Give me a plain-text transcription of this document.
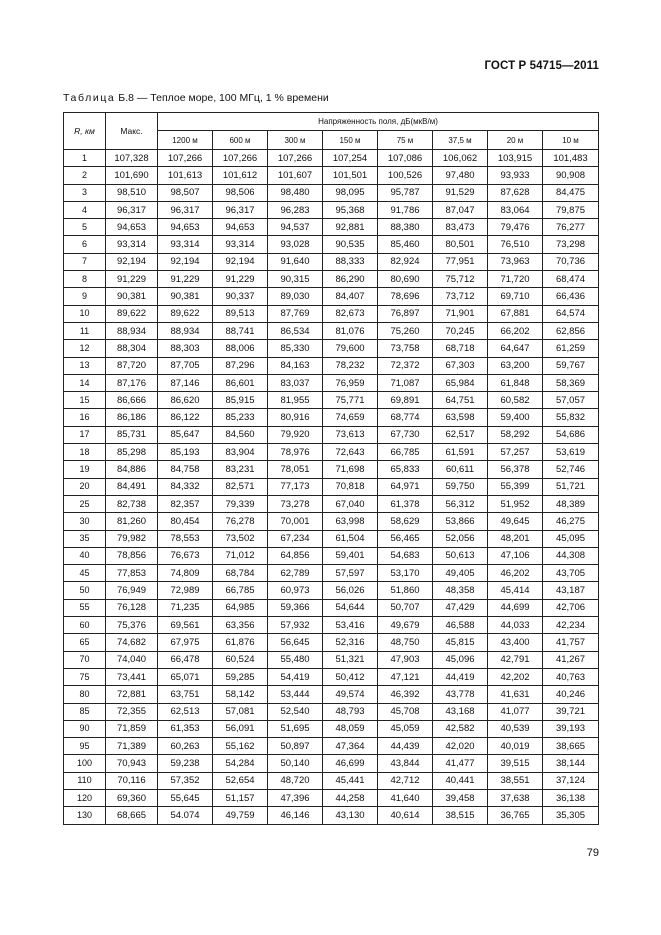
ГОСТ Р 54715—2011
Таблица Б.8 — Теплое море, 100 МГц, 1 % времени
R, км	Макс.	Напряженность поля, дБ(мкВ/м)							
		1200 м	600 м	300 м	150 м	75 м	37,5 м	20 м	10 м
1	107,328	107,266	107,266	107,266	107,254	107,086	106,062	103,915	101,483
2	101,690	101,613	101,612	101,607	101,501	100,526	97,480	93,933	90,908
3	98,510	98,507	98,506	98,480	98,095	95,787	91,529	87,628	84,475
4	96,317	96,317	96,317	96,283	95,368	91,786	87,047	83,064	79,875
5	94,653	94,653	94,653	94,537	92,881	88,380	83,473	79,476	76,277
6	93,314	93,314	93,314	93,028	90,535	85,460	80,501	76,510	73,298
7	92,194	92,194	92,194	91,640	88,333	82,924	77,951	73,963	70,736
8	91,229	91,229	91,229	90,315	86,290	80,690	75,712	71,720	68,474
9	90,381	90,381	90,337	89,030	84,407	78,696	73,712	69,710	66,436
10	89,622	89,622	89,513	87,769	82,673	76,897	71,901	67,881	64,574
11	88,934	88,934	88,741	86,534	81,076	75,260	70,245	66,202	62,856
12	88,304	88,303	88,006	85,330	79,600	73,758	68,718	64,647	61,259
13	87,720	87,705	87,296	84,163	78,232	72,372	67,303	63,200	59,767
14	87,176	87,146	86,601	83,037	76,959	71,087	65,984	61,848	58,369
15	86,666	86,620	85,915	81,955	75,771	69,891	64,751	60,582	57,057
16	86,186	86,122	85,233	80,916	74,659	68,774	63,598	59,400	55,832
17	85,731	85,647	84,560	79,920	73,613	67,730	62,517	58,292	54,686
18	85,298	85,193	83,904	78,976	72,643	66,785	61,591	57,257	53,619
19	84,886	84,758	83,231	78,051	71,698	65,833	60,611	56,378	52,746
20	84,491	84,332	82,571	77,173	70,818	64,971	59,750	55,399	51,721
25	82,738	82,357	79,339	73,278	67,040	61,378	56,312	51,952	48,389
30	81,260	80,454	76,278	70,001	63,998	58,629	53,866	49,645	46,275
35	79,982	78,553	73,502	67,234	61,504	56,465	52,056	48,201	45,095
40	78,856	76,673	71,012	64,856	59,401	54,683	50,613	47,106	44,308
45	77,853	74,809	68,784	62,789	57,597	53,170	49,405	46,202	43,705
50	76,949	72,989	66,785	60,973	56,026	51,860	48,358	45,414	43,187
55	76,128	71,235	64,985	59,366	54,644	50,707	47,429	44,699	42,706
60	75,376	69,561	63,356	57,932	53,416	49,679	46,588	44,033	42,234
65	74,682	67,975	61,876	56,645	52,316	48,750	45,815	43,400	41,757
70	74,040	66,478	60,524	55,480	51,321	47,903	45,096	42,791	41,267
75	73,441	65,071	59,285	54,419	50,412	47,121	44,419	42,202	40,763
80	72,881	63,751	58,142	53,444	49,574	46,392	43,778	41,631	40,246
85	72,355	62,513	57,081	52,540	48,793	45,708	43,168	41,077	39,721
90	71,859	61,353	56,091	51,695	48,059	45,059	42,582	40,539	39,193
95	71,389	60,263	55,162	50,897	47,364	44,439	42,020	40,019	38,665
100	70,943	59,238	54,284	50,140	46,699	43,844	41,477	39,515	38,144
110	70,116	57,352	52,654	48,720	45,441	42,712	40,441	38,551	37,124
120	69,360	55,645	51,157	47,396	44,258	41,640	39,458	37,638	36,138
130	68,665	54.074	49,759	46,146	43,130	40,614	38,515	36,765	35,305
79
